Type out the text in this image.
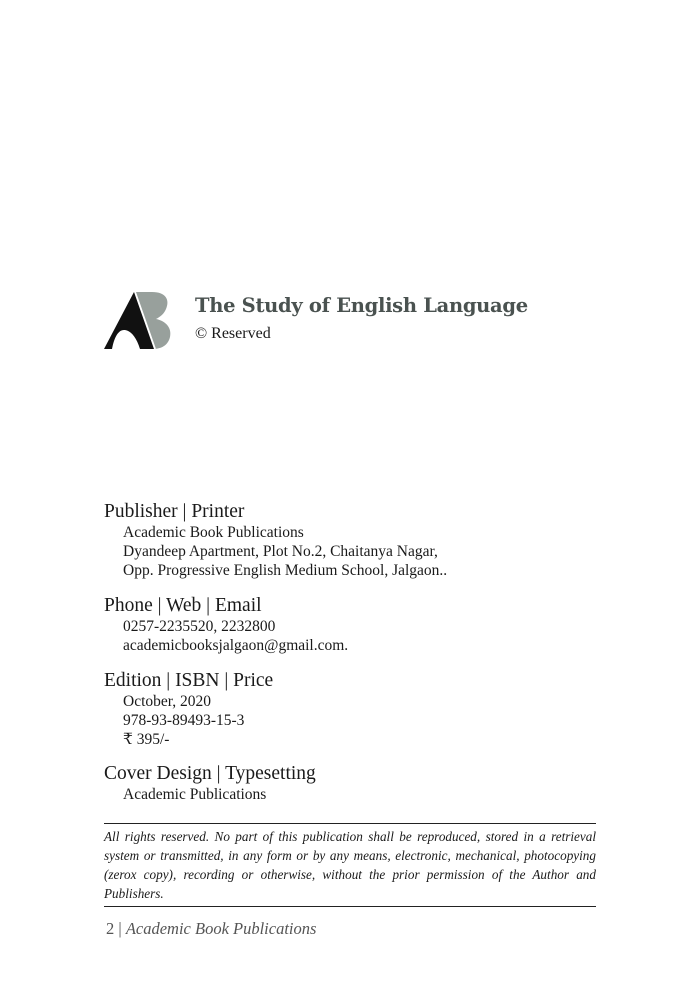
The Study of English Language
© Reserved
Publisher | Printer
Academic Book Publications
Dyandeep Apartment, Plot No.2, Chaitanya Nagar,
Opp. Progressive English Medium School, Jalgaon..
Phone | Web | Email
0257-2235520, 2232800
academicbooksjalgaon@gmail.com.
Edition | ISBN | Price
October, 2020
978-93-89493-15-3
₹ 395/-
Cover Design | Typesetting
Academic Publications
All rights reserved. No part of this publication shall be reproduced, stored in a retrieval system or transmitted, in any form or by any means, electronic, mechanical, photocopying (zerox copy), recording or otherwise, without the prior permission of the Author and Publishers.
2 | Academic Book Publications
